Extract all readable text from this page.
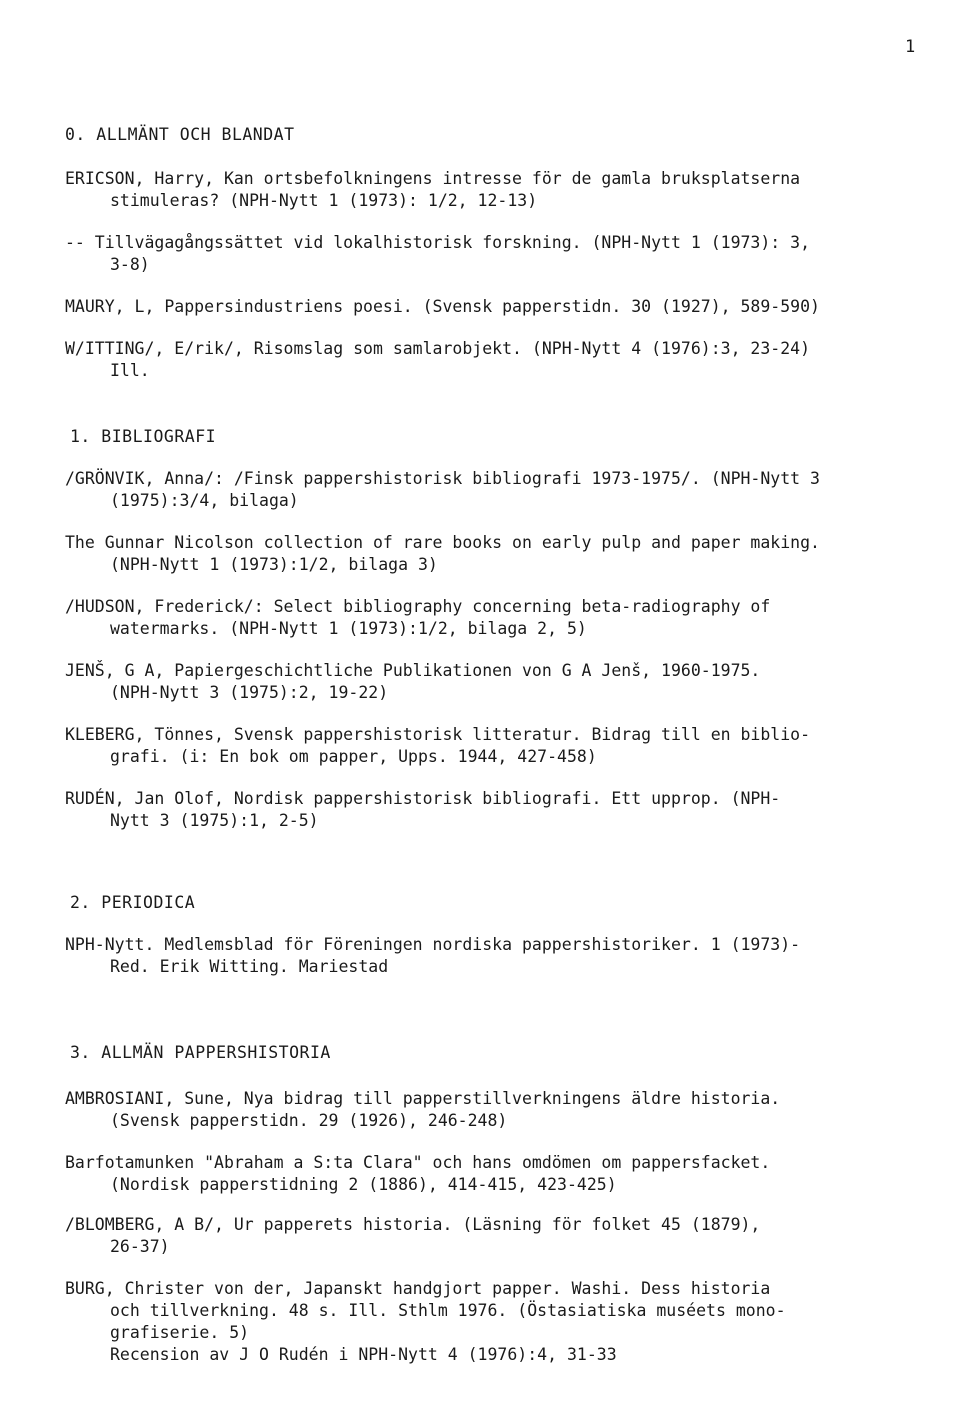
1
0. ALLMÄNT OCH BLANDAT
ERICSON, Harry, Kan ortsbefolkningens intresse för de gamla bruksplatserna
stimuleras? (NPH-Nytt 1 (1973): 1/2, 12-13)
-- Tillvägagångssättet vid lokalhistorisk forskning. (NPH-Nytt 1 (1973): 3,
3-8)
MAURY, L, Pappersindustriens poesi. (Svensk papperstidn. 30 (1927), 589-590)
W/ITTING/, E/rik/, Risomslag som samlarobjekt. (NPH-Nytt 4 (1976):3, 23-24)
Ill.
1. BIBLIOGRAFI
/GRÖNVIK, Anna/: /Finsk pappershistorisk bibliografi 1973-1975/. (NPH-Nytt 3
(1975):3/4, bilaga)
The Gunnar Nicolson collection of rare books on early pulp and paper making.
(NPH-Nytt 1 (1973):1/2, bilaga 3)
/HUDSON, Frederick/: Select bibliography concerning beta-radiography of
watermarks. (NPH-Nytt 1 (1973):1/2, bilaga 2, 5)
JENŠ, G A, Papiergeschichtliche Publikationen von G A Jenš, 1960-1975.
(NPH-Nytt 3 (1975):2, 19-22)
KLEBERG, Tönnes, Svensk pappershistorisk litteratur. Bidrag till en biblio-
grafi. (i: En bok om papper, Upps. 1944, 427-458)
RUDÉN, Jan Olof, Nordisk pappershistorisk bibliografi. Ett upprop. (NPH-
Nytt 3 (1975):1, 2-5)
2. PERIODICA
NPH-Nytt. Medlemsblad för Föreningen nordiska pappershistoriker. 1 (1973)-
Red. Erik Witting. Mariestad
3. ALLMÄN PAPPERSHISTORIA
AMBROSIANI, Sune, Nya bidrag till papperstillverkningens äldre historia.
(Svensk papperstidn. 29 (1926), 246-248)
Barfotamunken "Abraham a S:ta Clara" och hans omdömen om pappersfacket.
(Nordisk papperstidning 2 (1886), 414-415, 423-425)
/BLOMBERG, A B/, Ur papperets historia. (Läsning för folket 45 (1879),
26-37)
BURG, Christer von der, Japanskt handgjort papper. Washi. Dess historia
och tillverkning. 48 s. Ill. Sthlm 1976. (Östasiatiska muséets mono-
grafiserie. 5)
Recension av J O Rudén i NPH-Nytt 4 (1976):4, 31-33
